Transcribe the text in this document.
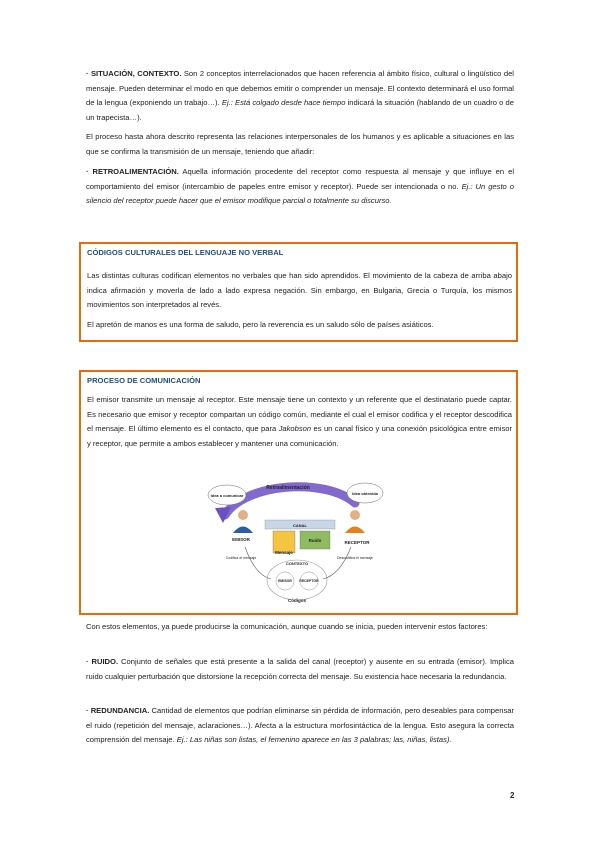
· SITUACIÓN, CONTEXTO. Son 2 conceptos interrelacionados que hacen referencia al ámbito físico, cultural o lingüístico del mensaje. Pueden determinar el modo en que debemos emitir o comprender un mensaje. El contexto determinará el uso formal de la lengua (exponiendo un trabajo…). Ej.: Está colgado desde hace tiempo indicará la situación (hablando de un cuadro o de un trapecista…).

El proceso hasta ahora descrito representa las relaciones interpersonales de los humanos y es aplicable a situaciones en las que se confirma la transmisión de un mensaje, teniendo que añadir:

· RETROALIMENTACIÓN. Aquella información procedente del receptor como respuesta al mensaje y que influye en el comportamiento del emisor (intercambio de papeles entre emisor y receptor). Puede ser intencionada o no. Ej.: Un gesto o silencio del receptor puede hacer que el emisor modifique parcial o totalmente su discurso.

CÓDIGOS CULTURALES DEL LENGUAJE NO VERBAL

Las distintas culturas codifican elementos no verbales que han sido aprendidos. El movimiento de la cabeza de arriba abajo indica afirmación y moverla de lado a lado expresa negación. Sin embargo, en Bulgaria, Grecia o Turquía, los mismos movimientos son interpretados al revés.

El apretón de manos es una forma de saludo, pero la reverencia es un saludo sólo de países asiáticos.

PROCESO DE COMUNICACIÓN

El emisor transmite un mensaje al receptor. Este mensaje tiene un contexto y un referente que el destinatario puede captar. Es necesario que emisor y receptor compartan un código común, mediante el cual el emisor codifica y el receptor descodifica el mensaje. El último elemento es el contacto, que para Jakobson es un canal físico y una conexión psicológica entre emisor y receptor, que permite a ambos establecer y mantener una comunicación.

Retroalimentación
Idea a comunicar	Idea obtenida
EMISOR
RECEPTOR
CANAL
Ruido
Mensaje
CONTEXTO
EMISOR RECEPTOR
Códigos
Codifica el mensaje	Descodifica el mensaje

Con estos elementos, ya puede producirse la comunicación, aunque cuando se inicia, pueden intervenir estos factores:

· RUIDO. Conjunto de señales que está presente a la salida del canal (receptor) y ausente en su entrada (emisor). Implica ruido cualquier perturbación que distorsione la recepción correcta del mensaje. Su existencia hace necesaria la redundancia.

· REDUNDANCIA. Cantidad de elementos que podrían eliminarse sin pérdida de información, pero deseables para compensar el ruido (repetición del mensaje, aclaraciones…). Afecta a la estructura morfosintáctica de la lengua. Esto asegura la correcta comprensión del mensaje. Ej.: Las niñas son listas, el femenino aparece en las 3 palabras; las, niñas, listas).

2
